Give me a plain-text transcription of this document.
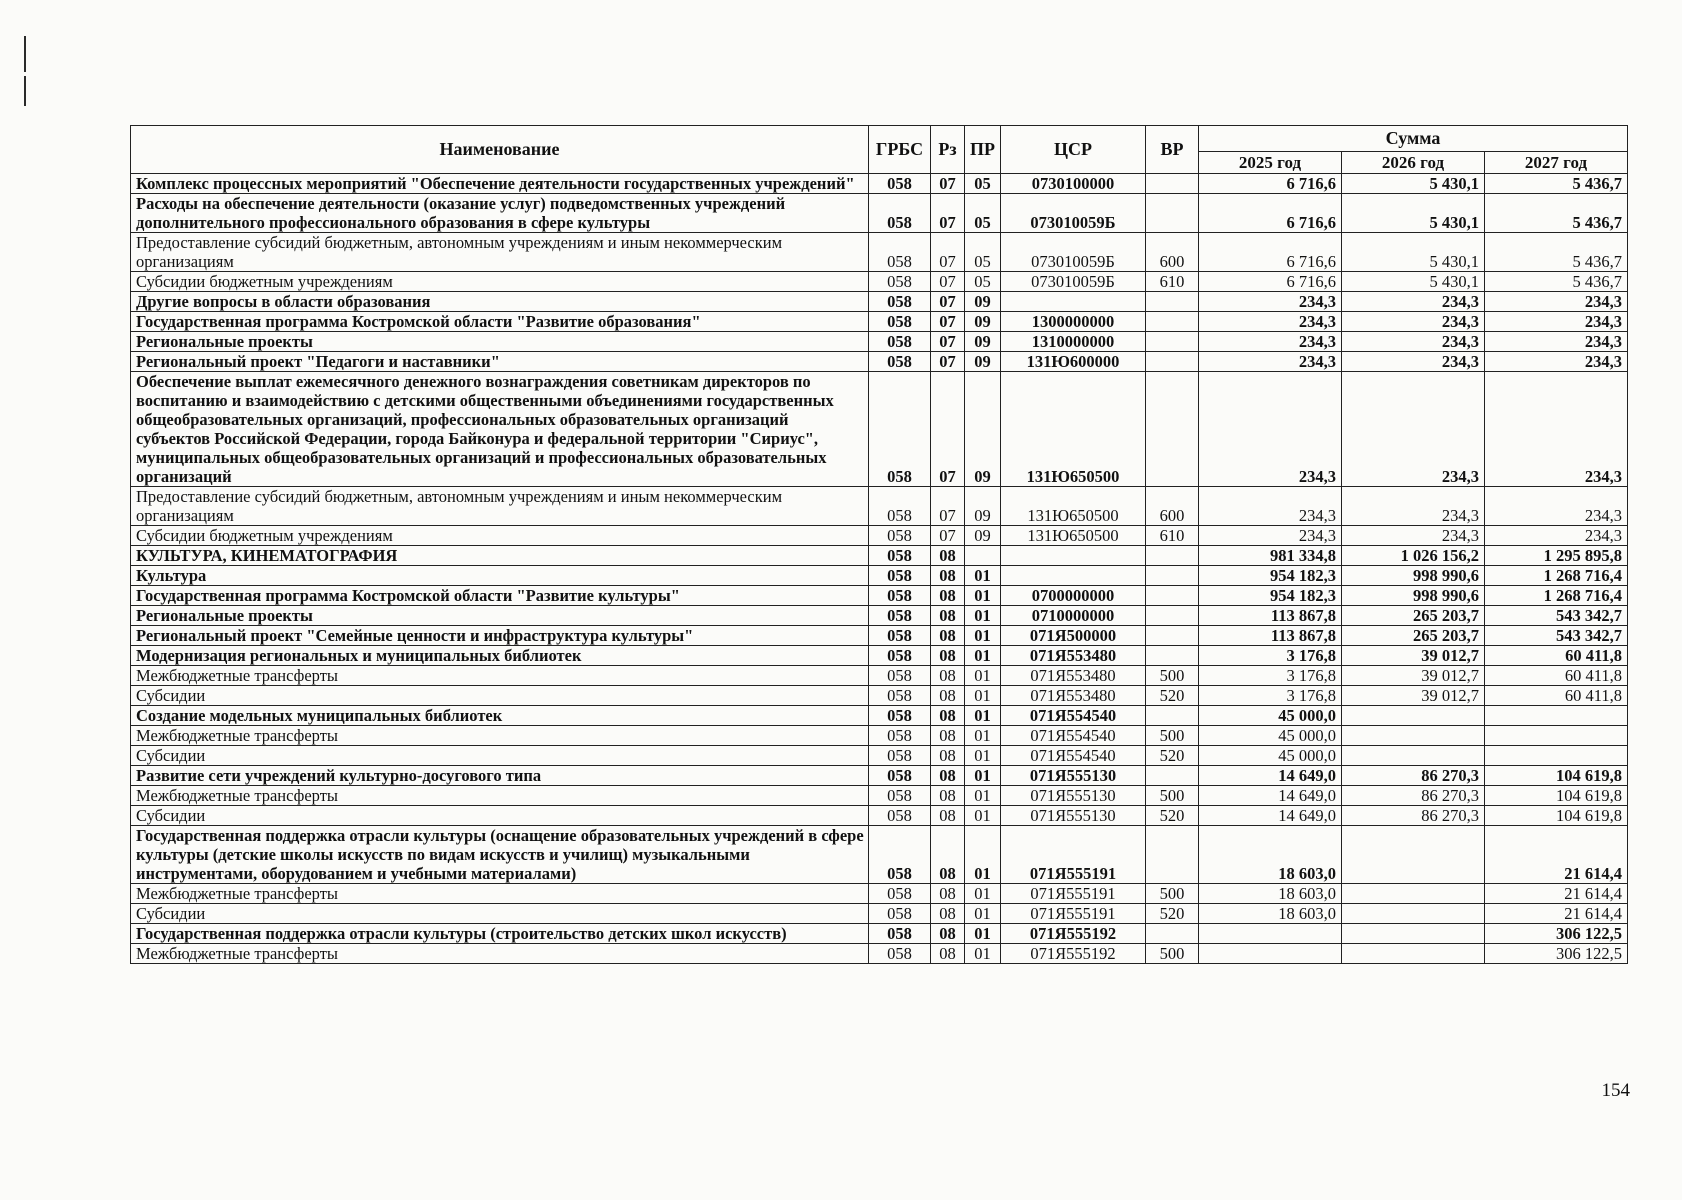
Наименование	ГРБС	Рз	ПР	ЦСР	ВР	Сумма		
						2025 год	2026 год	2027 год
Комплекс процессных мероприятий "Обеспечение деятельности государственных учреждений"	058	07	05	0730100000		6 716,6	5 430,1	5 436,7
Расходы на обеспечение деятельности (оказание услуг) подведомственных учреждений дополнительного профессионального образования в сфере культуры	058	07	05	073010059Б		6 716,6	5 430,1	5 436,7
Предоставление субсидий бюджетным, автономным учреждениям и иным некоммерческим организациям	058	07	05	073010059Б	600	6 716,6	5 430,1	5 436,7
Субсидии бюджетным учреждениям	058	07	05	073010059Б	610	6 716,6	5 430,1	5 436,7
Другие вопросы в области образования	058	07	09			234,3	234,3	234,3
Государственная программа Костромской области "Развитие образования"	058	07	09	1300000000		234,3	234,3	234,3
Региональные проекты	058	07	09	1310000000		234,3	234,3	234,3
Региональный проект "Педагоги и наставники"	058	07	09	131Ю600000		234,3	234,3	234,3
Обеспечение выплат ежемесячного денежного вознаграждения советникам директоров по воспитанию и взаимодействию с детскими общественными объединениями государственных общеобразовательных организаций, профессиональных образовательных организаций субъектов Российской Федерации, города Байконура и федеральной территории "Сириус", муниципальных общеобразовательных организаций и профессиональных образовательных организаций	058	07	09	131Ю650500		234,3	234,3	234,3
Предоставление субсидий бюджетным, автономным учреждениям и иным некоммерческим организациям	058	07	09	131Ю650500	600	234,3	234,3	234,3
Субсидии бюджетным учреждениям	058	07	09	131Ю650500	610	234,3	234,3	234,3
КУЛЬТУРА, КИНЕМАТОГРАФИЯ	058	08				981 334,8	1 026 156,2	1 295 895,8
Культура	058	08	01			954 182,3	998 990,6	1 268 716,4
Государственная программа Костромской области "Развитие культуры"	058	08	01	0700000000		954 182,3	998 990,6	1 268 716,4
Региональные проекты	058	08	01	0710000000		113 867,8	265 203,7	543 342,7
Региональный проект "Семейные ценности и инфраструктура культуры"	058	08	01	071Я500000		113 867,8	265 203,7	543 342,7
Модернизация региональных и муниципальных библиотек	058	08	01	071Я553480		3 176,8	39 012,7	60 411,8
Межбюджетные трансферты	058	08	01	071Я553480	500	3 176,8	39 012,7	60 411,8
Субсидии	058	08	01	071Я553480	520	3 176,8	39 012,7	60 411,8
Создание модельных муниципальных библиотек	058	08	01	071Я554540		45 000,0		
Межбюджетные трансферты	058	08	01	071Я554540	500	45 000,0		
Субсидии	058	08	01	071Я554540	520	45 000,0		
Развитие сети учреждений культурно-досугового типа	058	08	01	071Я555130		14 649,0	86 270,3	104 619,8
Межбюджетные трансферты	058	08	01	071Я555130	500	14 649,0	86 270,3	104 619,8
Субсидии	058	08	01	071Я555130	520	14 649,0	86 270,3	104 619,8
Государственная поддержка отрасли культуры (оснащение образовательных учреждений в сфере культуры (детские школы искусств по видам искусств и училищ) музыкальными инструментами, оборудованием и учебными материалами)	058	08	01	071Я555191		18 603,0		21 614,4
Межбюджетные трансферты	058	08	01	071Я555191	500	18 603,0		21 614,4
Субсидии	058	08	01	071Я555191	520	18 603,0		21 614,4
Государственная поддержка отрасли культуры (строительство детских школ искусств)	058	08	01	071Я555192				306 122,5
Межбюджетные трансферты	058	08	01	071Я555192	500			306 122,5
154
